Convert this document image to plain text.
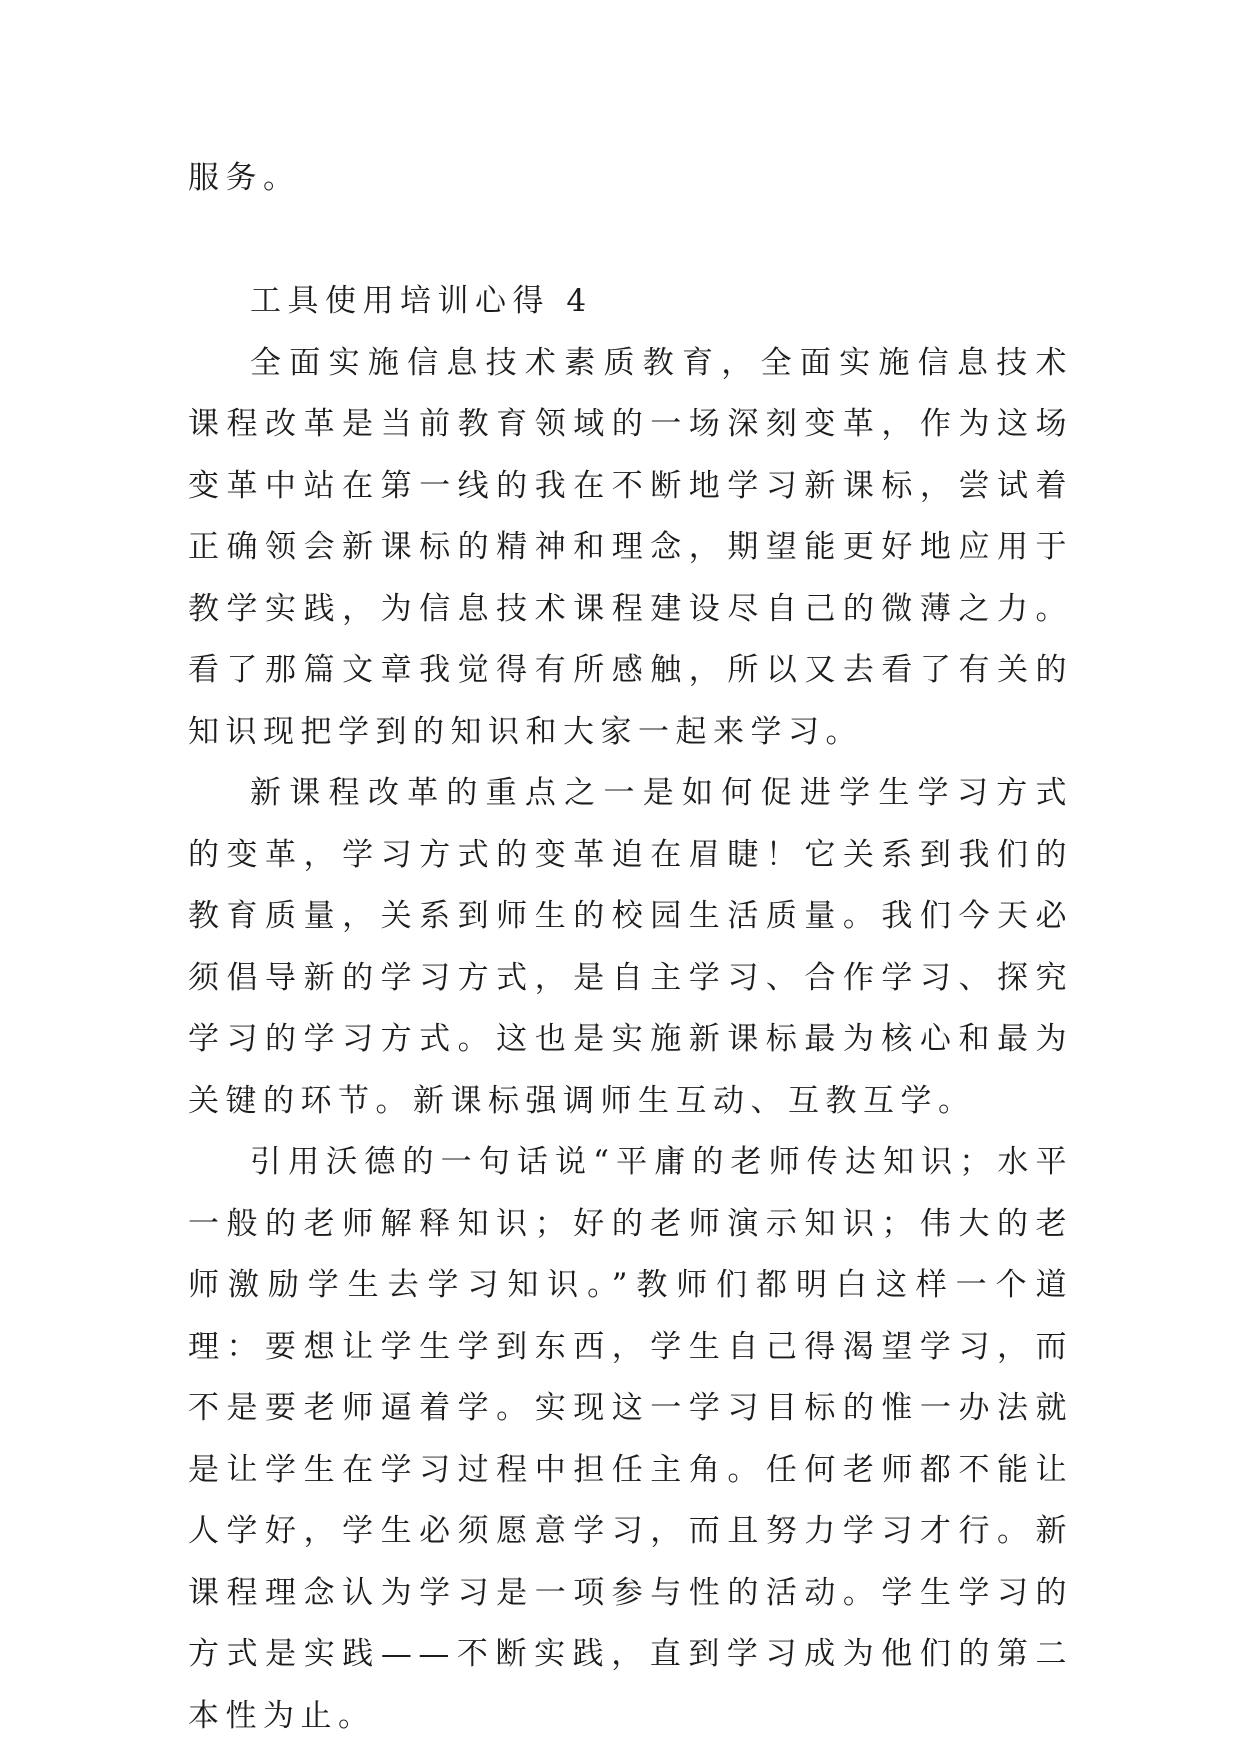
服务。

工具使用培训心得 4

全面实施信息技术素质教育，全面实施信息技术课程改革是当前教育领域的一场深刻变革，作为这场变革中站在第一线的我在不断地学习新课标，尝试着正确领会新课标的精神和理念，期望能更好地应用于教学实践，为信息技术课程建设尽自己的微薄之力。看了那篇文章我觉得有所感触，所以又去看了有关的知识现把学到的知识和大家一起来学习。

新课程改革的重点之一是如何促进学生学习方式的变革，学习方式的变革迫在眉睫！它关系到我们的教育质量，关系到师生的校园生活质量。我们今天必须倡导新的学习方式，是自主学习、合作学习、探究学习的学习方式。这也是实施新课标最为核心和最为关键的环节。新课标强调师生互动、互教互学。

引用沃德的一句话说“平庸的老师传达知识；水平一般的老师解释知识；好的老师演示知识；伟大的老师激励学生去学习知识。”教师们都明白这样一个道理：要想让学生学到东西，学生自己得渴望学习，而不是要老师逼着学。实现这一学习目标的惟一办法就是让学生在学习过程中担任主角。任何老师都不能让人学好，学生必须愿意学习，而且努力学习才行。新课程理念认为学习是一项参与性的活动。学生学习的方式是实践——不断实践，直到学习成为他们的第二本性为止。
